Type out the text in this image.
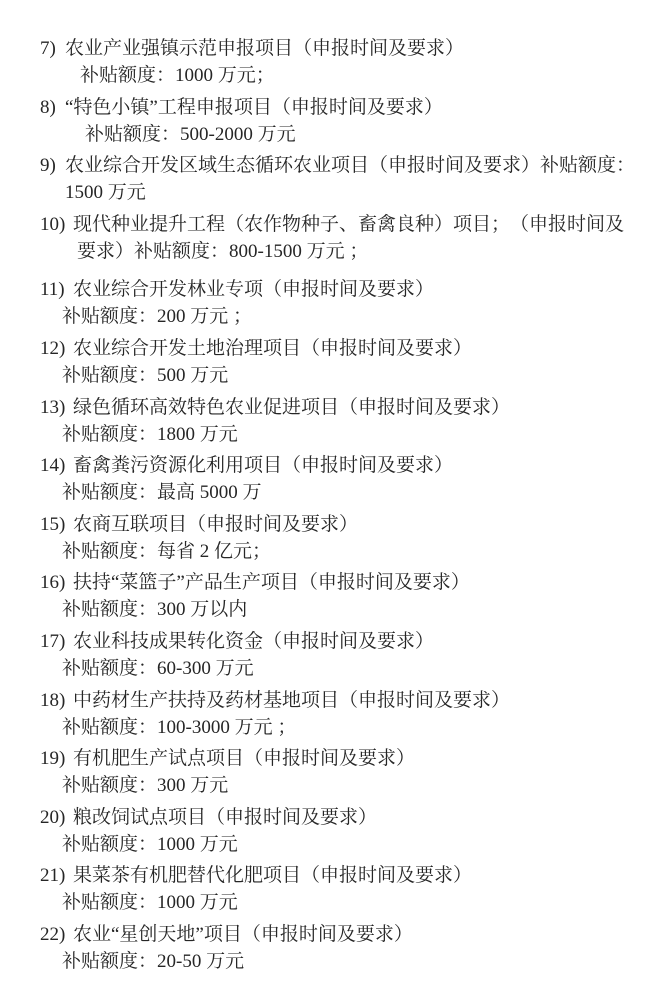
7) 农业产业强镇示范申报项目（申报时间及要求）
补贴额度：1000 万元；
8) “特色小镇”工程申报项目（申报时间及要求）
补贴额度：500-2000 万元
9) 农业综合开发区域生态循环农业项目（申报时间及要求）补贴额度：
1500 万元
10) 现代种业提升工程（农作物种子、畜禽良种）项目；　（申报时间及
要求）补贴额度：800-1500 万元 ；
11) 农业综合开发林业专项（申报时间及要求）
补贴额度：200 万元 ；
12) 农业综合开发土地治理项目（申报时间及要求）
补贴额度：500 万元
13) 绿色循环高效特色农业促进项目（申报时间及要求）
补贴额度：1800 万元
14) 畜禽粪污资源化利用项目（申报时间及要求）
补贴额度：最高 5000 万
15) 农商互联项目（申报时间及要求）
补贴额度：每省 2 亿元；
16) 扶持“菜篮子”产品生产项目（申报时间及要求）
补贴额度：300 万以内
17) 农业科技成果转化资金（申报时间及要求）
补贴额度：60-300 万元
18) 中药材生产扶持及药材基地项目（申报时间及要求）
补贴额度：100-3000 万元 ；
19) 有机肥生产试点项目（申报时间及要求）
补贴额度：300 万元
20) 粮改饲试点项目（申报时间及要求）
补贴额度：1000 万元
21) 果菜茶有机肥替代化肥项目（申报时间及要求）
补贴额度：1000 万元
22) 农业“星创天地”项目（申报时间及要求）
补贴额度：20-50 万元
